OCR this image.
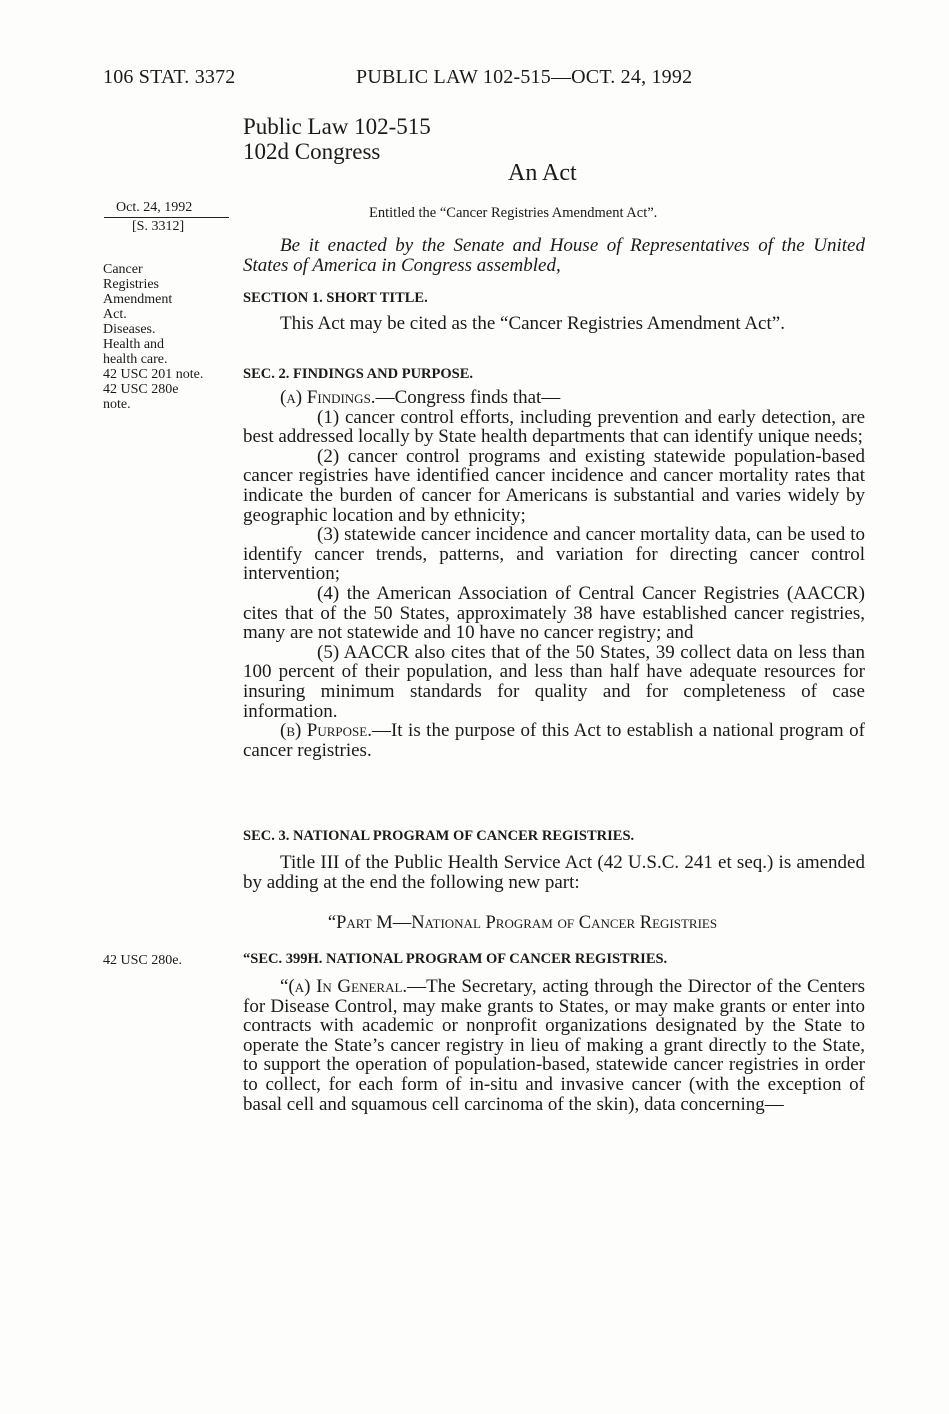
106 STAT. 3372	PUBLIC LAW 102-515—OCT. 24, 1992
Public Law 102-515
102d Congress
An Act
Oct. 24, 1992
[S. 3312]
Cancer
Registries
Amendment
Act.
Diseases.
Health and
health care.
42 USC 201 note.
42 USC 280e
note.
42 USC 280e.
Entitled the “Cancer Registries Amendment Act”.

Be it enacted by the Senate and House of Representatives of the United States of America in Congress assembled,

SECTION 1. SHORT TITLE.

This Act may be cited as the “Cancer Registries Amendment Act”.

SEC. 2. FINDINGS AND PURPOSE.

(a) Findings.—Congress finds that—

(1) cancer control efforts, including prevention and early detection, are best addressed locally by State health departments that can identify unique needs;

(2) cancer control programs and existing statewide population-based cancer registries have identified cancer incidence and cancer mortality rates that indicate the burden of cancer for Americans is substantial and varies widely by geographic location and by ethnicity;

(3) statewide cancer incidence and cancer mortality data, can be used to identify cancer trends, patterns, and variation for directing cancer control intervention;

(4) the American Association of Central Cancer Registries (AACCR) cites that of the 50 States, approximately 38 have established cancer registries, many are not statewide and 10 have no cancer registry; and

(5) AACCR also cites that of the 50 States, 39 collect data on less than 100 percent of their population, and less than half have adequate resources for insuring minimum standards for quality and for completeness of case information.

(b) Purpose.—It is the purpose of this Act to establish a national program of cancer registries.

SEC. 3. NATIONAL PROGRAM OF CANCER REGISTRIES.

Title III of the Public Health Service Act (42 U.S.C. 241 et seq.) is amended by adding at the end the following new part:

“Part M—National Program of Cancer Registries
“SEC. 399H. NATIONAL PROGRAM OF CANCER REGISTRIES.

“(a) In General.—The Secretary, acting through the Director of the Centers for Disease Control, may make grants to States, or may make grants or enter into contracts with academic or nonprofit organizations designated by the State to operate the State’s cancer registry in lieu of making a grant directly to the State, to support the operation of population-based, statewide cancer registries in order to collect, for each form of in-situ and invasive cancer (with the exception of basal cell and squamous cell carcinoma of the skin), data concerning—
